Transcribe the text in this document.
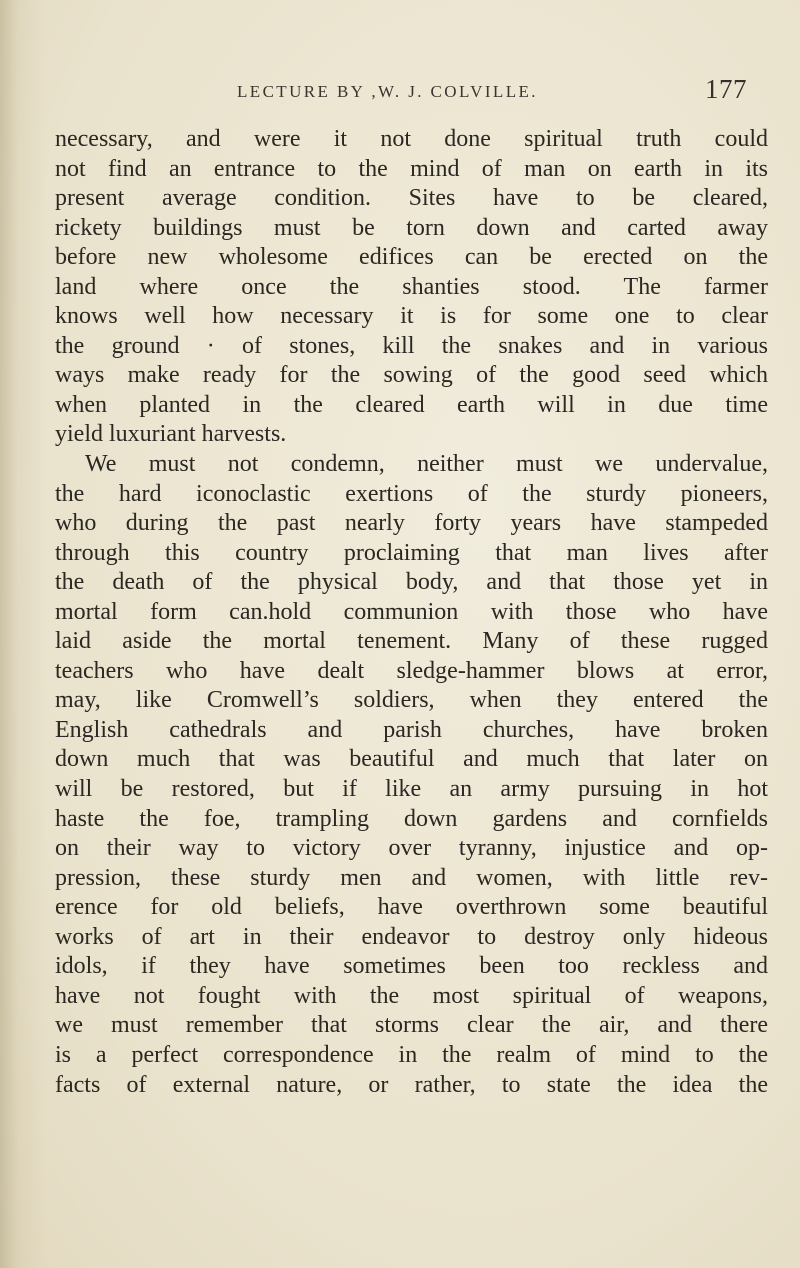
LECTURE BY ,W. J. COLVILLE.	177
necessary, and were it not done spiritual truth could
not find an entrance to the mind of man on earth in its
present average condition. Sites have to be cleared,
rickety buildings must be torn down and carted away
before new wholesome edifices can be erected on the
land where once the shanties stood. The farmer
knows well how necessary it is for some one to clear
the ground · of stones, kill the snakes and in various
ways make ready for the sowing of the good seed which
when planted in the cleared earth will in due time
yield luxuriant harvests.
We must not condemn, neither must we undervalue,
the hard iconoclastic exertions of the sturdy pioneers,
who during the past nearly forty years have stampeded
through this country proclaiming that man lives after
the death of the physical body, and that those yet in
mortal form can.hold communion with those who have
laid aside the mortal tenement. Many of these rugged
teachers who have dealt sledge-hammer blows at error,
may, like Cromwell’s soldiers, when they entered the
English cathedrals and parish churches, have broken
down much that was beautiful and much that later on
will be restored, but if like an army pursuing in hot
haste the foe, trampling down gardens and cornfields
on their way to victory over tyranny, injustice and op-
pression, these sturdy men and women, with little rev-
erence for old beliefs, have overthrown some beautiful
works of art in their endeavor to destroy only hideous
idols, if they have sometimes been too reckless and
have not fought with the most spiritual of weapons,
we must remember that storms clear the air, and there
is a perfect correspondence in the realm of mind to the
facts of external nature, or rather, to state the idea the
